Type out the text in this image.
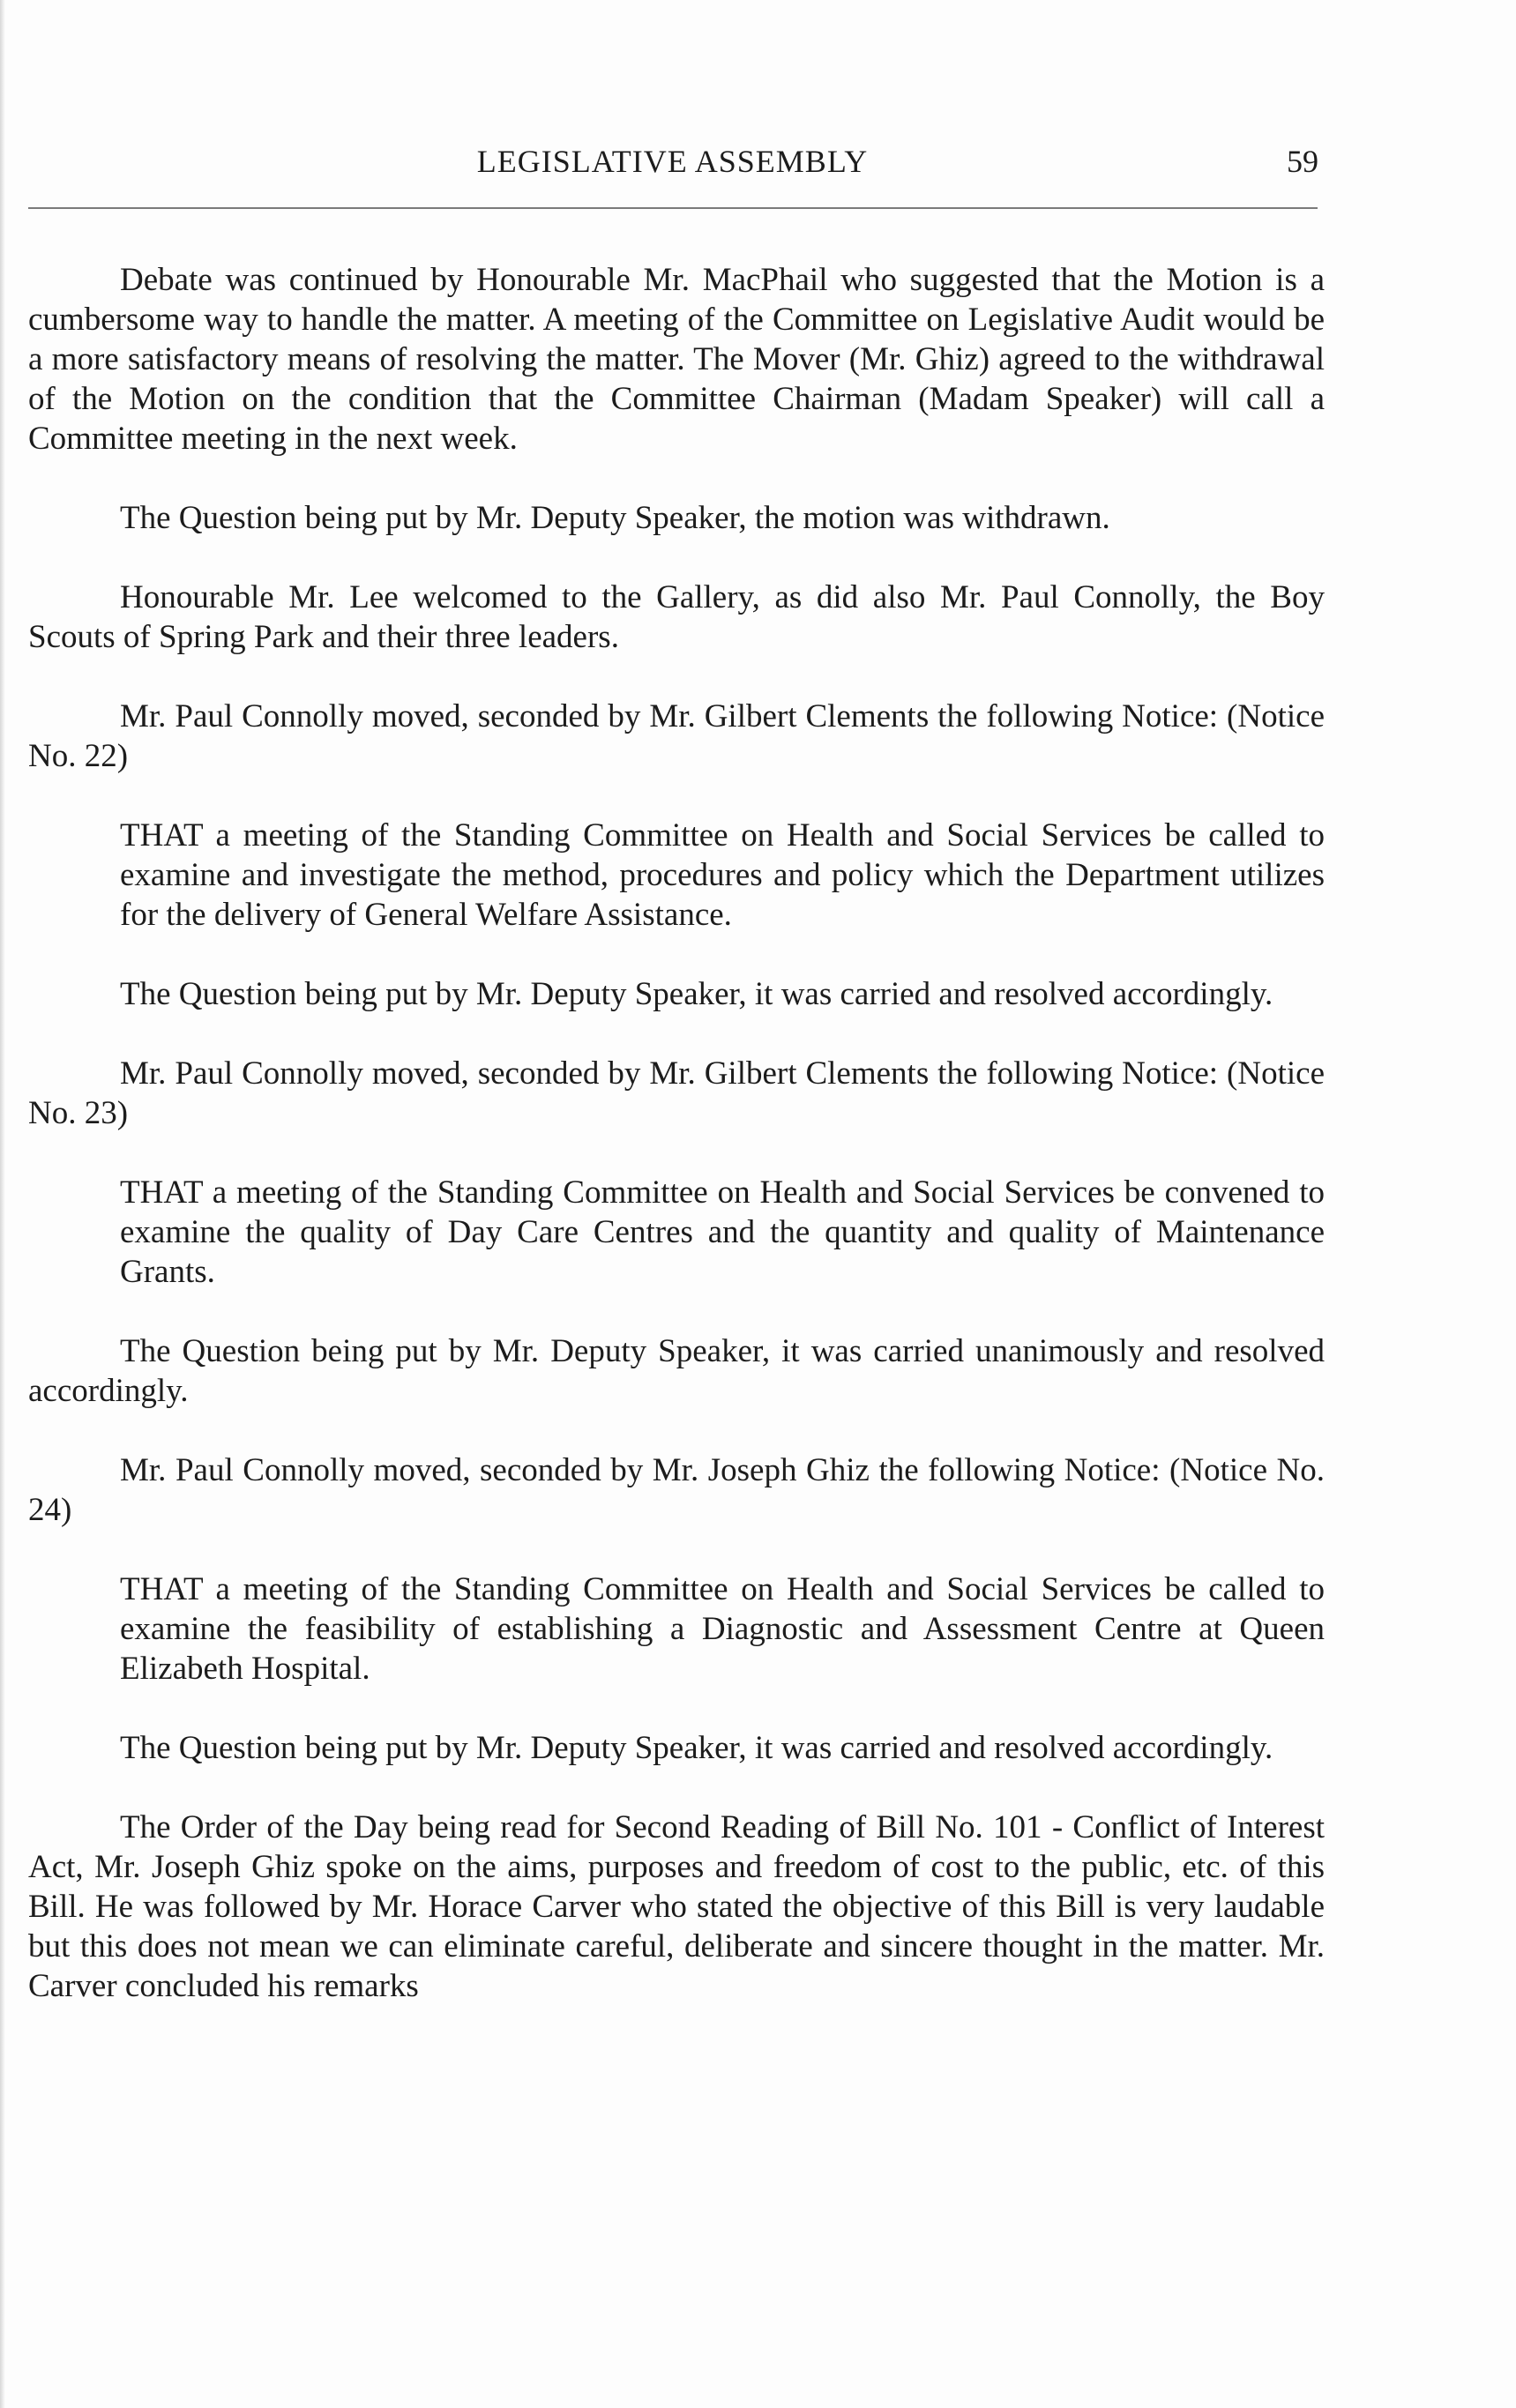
LEGISLATIVE ASSEMBLY	59

Debate was continued by Honourable Mr. MacPhail who suggested that the Motion is a cumbersome way to handle the matter. A meeting of the Committee on Legislative Audit would be a more satisfactory means of resolving the matter. The Mover (Mr. Ghiz) agreed to the withdrawal of the Motion on the condition that the Committee Chairman (Madam Speaker) will call a Committee meeting in the next week.

The Question being put by Mr. Deputy Speaker, the motion was withdrawn.

Honourable Mr. Lee welcomed to the Gallery, as did also Mr. Paul Connolly, the Boy Scouts of Spring Park and their three leaders.

Mr. Paul Connolly moved, seconded by Mr. Gilbert Clements the following Notice: (Notice No. 22)

THAT a meeting of the Standing Committee on Health and Social Services be called to examine and investigate the method, procedures and policy which the Department utilizes for the delivery of General Welfare Assistance.

The Question being put by Mr. Deputy Speaker, it was carried and resolved accordingly.

Mr. Paul Connolly moved, seconded by Mr. Gilbert Clements the following Notice: (Notice No. 23)

THAT a meeting of the Standing Committee on Health and Social Services be convened to examine the quality of Day Care Centres and the quantity and quality of Maintenance Grants.

The Question being put by Mr. Deputy Speaker, it was carried unanimously and resolved accordingly.

Mr. Paul Connolly moved, seconded by Mr. Joseph Ghiz the following Notice: (Notice No. 24)

THAT a meeting of the Standing Committee on Health and Social Services be called to examine the feasibility of establishing a Diagnostic and Assessment Centre at Queen Elizabeth Hospital.

The Question being put by Mr. Deputy Speaker, it was carried and resolved accordingly.

The Order of the Day being read for Second Reading of Bill No. 101 - Conflict of Interest Act, Mr. Joseph Ghiz spoke on the aims, purposes and freedom of cost to the public, etc. of this Bill. He was followed by Mr. Horace Carver who stated the objective of this Bill is very laudable but this does not mean we can eliminate careful, deliberate and sincere thought in the matter. Mr. Carver concluded his remarks
